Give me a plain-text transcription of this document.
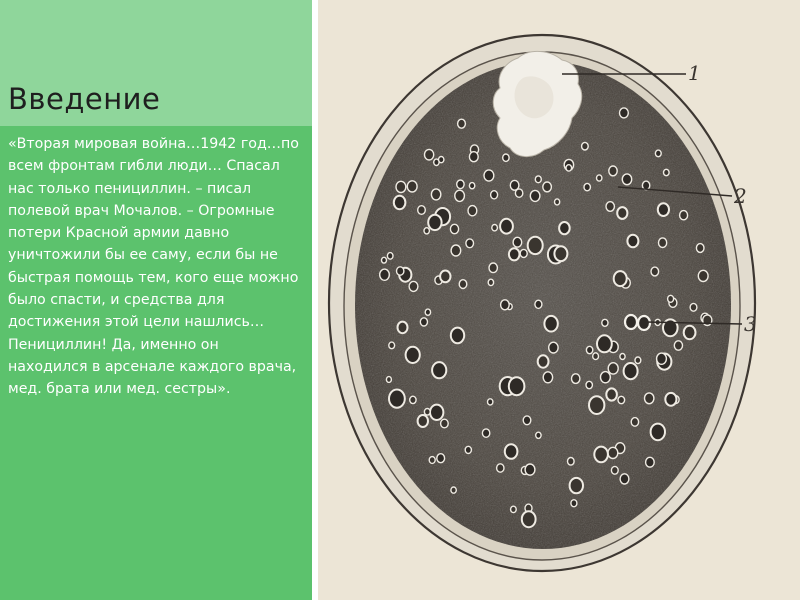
Введение

«Вторая мировая война…1942 год…по всем фронтам гибли люди… Спасал нас только пенициллин. – писал полевой врач Мочалов. – Огромные потери Красной армии давно уничтожили бы ее саму, если бы не быстрая помощь тем, кого еще можно было спасти, и средства для достижения этой цели нашлись… Пенициллин! Да, именно он находился в арсенале каждого врача, мед. брата или мед. сестры».

1
2
3
